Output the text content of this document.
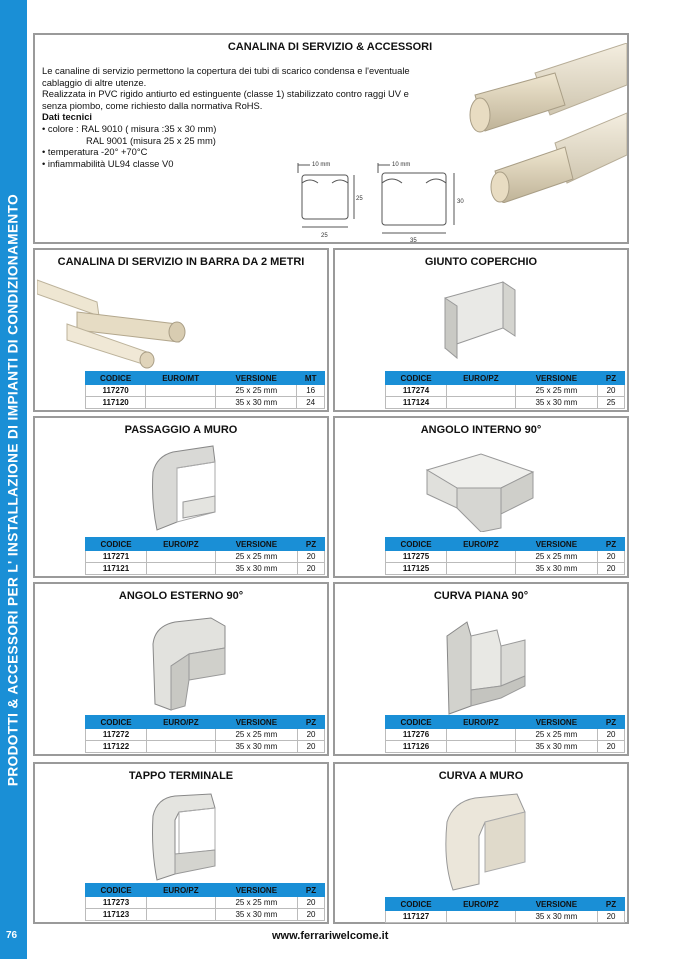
PRODOTTI & ACCESSORI PER L' INSTALLAZIONE DI IMPIANTI DI CONDIZIONAMENTO
76
CANALINA DI SERVIZIO & ACCESSORI

Le canaline di servizio permettono la copertura dei tubi di scarico condensa e l'eventuale cablaggio di altre utenze.

Realizzata in PVC rigido antiurto ed estinguente (classe 1) stabilizzato contro raggi UV e senza piombo, come richiesto dalla normativa RoHS.

Dati tecnici

• colore : RAL 9010 ( misura :35 x 30 mm)

RAL 9001 (misura 25 x 25 mm)

• temperatura -20° +70°C

• infiammabilità UL94 classe V0	10 mm
25
25
10 mm
30
35
CANALINA DI SERVIZIO IN BARRA DA 2 METRI
CODICE	EURO/MT	VERSIONE	MT
117270		25 x 25 mm	16
117120		35 x 30 mm	24
GIUNTO COPERCHIO
CODICE	EURO/PZ	VERSIONE	PZ
117274		25 x 25 mm	20
117124		35 x 30 mm	25
PASSAGGIO A MURO
CODICE	EURO/PZ	VERSIONE	PZ
117271		25 x 25 mm	20
117121		35 x 30 mm	20
ANGOLO INTERNO 90°
CODICE	EURO/PZ	VERSIONE	PZ
117275		25 x 25 mm	20
117125		35 x 30 mm	20
ANGOLO ESTERNO 90°
CODICE	EURO/PZ	VERSIONE	PZ
117272		25 x 25 mm	20
117122		35 x 30 mm	20
CURVA PIANA 90°
CODICE	EURO/PZ	VERSIONE	PZ
117276		25 x 25 mm	20
117126		35 x 30 mm	20
TAPPO TERMINALE
CODICE	EURO/PZ	VERSIONE	PZ
117273		25 x 25 mm	20
117123		35 x 30 mm	20
CURVA A MURO
CODICE	EURO/PZ	VERSIONE	PZ
117127		35 x 30 mm	20
www.ferrariwelcome.it
